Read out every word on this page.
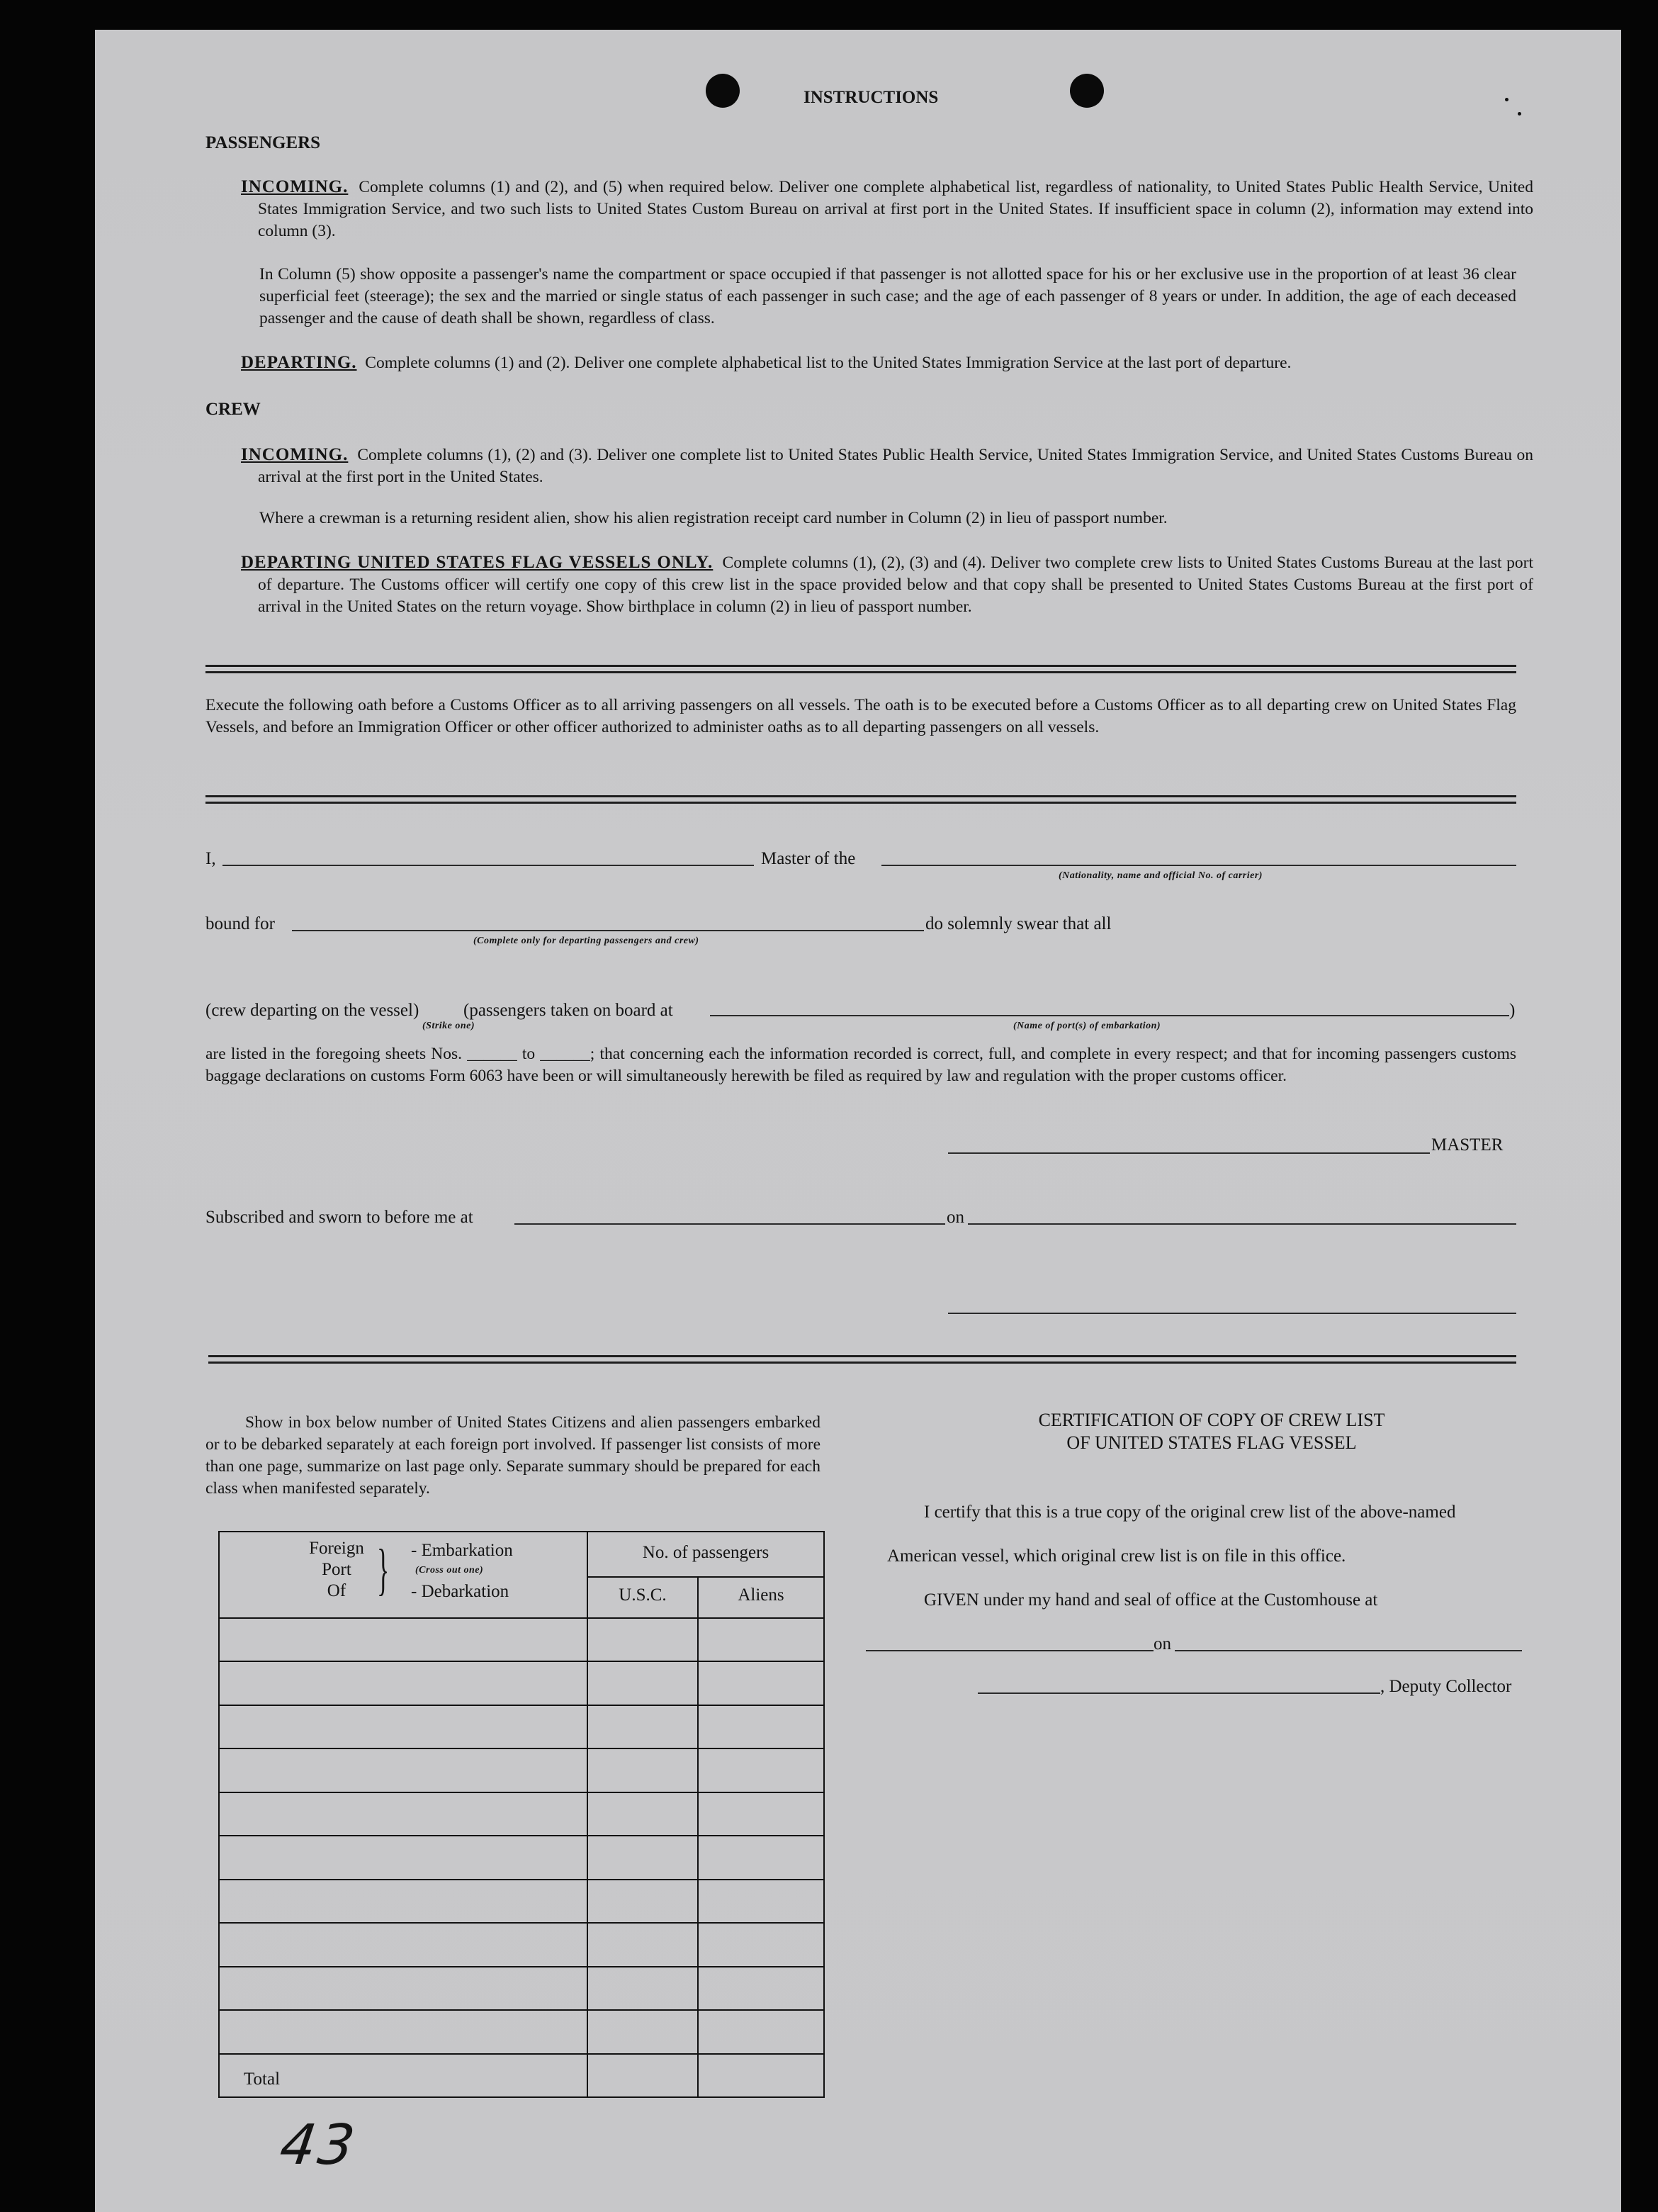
INSTRUCTIONS
PASSENGERS
INCOMING. Complete columns (1) and (2), and (5) when required below. Deliver one complete alphabetical list, regardless of nationality, to United States Public Health Service, United States Immigration Service, and two such lists to United States Custom Bureau on arrival at first port in the United States. If insufficient space in column (2), information may extend into column (3).
In Column (5) show opposite a passenger's name the compartment or space occupied if that passenger is not allotted space for his or her exclusive use in the proportion of at least 36 clear superficial feet (steerage); the sex and the married or single status of each passenger in such case; and the age of each passenger of 8 years or under. In addition, the age of each deceased passenger and the cause of death shall be shown, regardless of class.
DEPARTING. Complete columns (1) and (2). Deliver one complete alphabetical list to the United States Immigration Service at the last port of departure.
CREW
INCOMING. Complete columns (1), (2) and (3). Deliver one complete list to United States Public Health Service, United States Immigration Service, and United States Customs Bureau on arrival at the first port in the United States.
Where a crewman is a returning resident alien, show his alien registration receipt card number in Column (2) in lieu of passport number.
DEPARTING UNITED STATES FLAG VESSELS ONLY. Complete columns (1), (2), (3) and (4). Deliver two complete crew lists to United States Customs Bureau at the last port of departure. The Customs officer will certify one copy of this crew list in the space provided below and that copy shall be presented to United States Customs Bureau at the first port of arrival in the United States on the return voyage. Show birthplace in column (2) in lieu of passport number.
Execute the following oath before a Customs Officer as to all arriving passengers on all vessels. The oath is to be executed before a Customs Officer as to all departing crew on United States Flag Vessels, and before an Immigration Officer or other officer authorized to administer oaths as to all departing passengers on all vessels.
I,	Master of the
(Nationality, name and official No. of carrier)
bound for	do solemnly swear that all
(Complete only for departing passengers and crew)
(crew departing on the vessel)	(passengers taken on board at	)
(Strike one)	(Name of port(s) of embarkation)
are listed in the foregoing sheets Nos. ______ to ______; that concerning each the information recorded is correct, full, and complete in every respect; and that for incoming passengers customs baggage declarations on customs Form 6063 have been or will simultaneously herewith be filed as required by law and regulation with the proper customs officer.
MASTER
Subscribed and sworn to before me at	on
Show in box below number of United States Citizens and alien passengers embarked or to be debarked separately at each foreign port involved. If passenger list consists of more than one page, summarize on last page only. Separate summary should be prepared for each class when manifested separately.
Foreign
Port
Of } - Embarkation
(Cross out one)
- Debarkation
No. of passengers
U.S.C.	Aliens
Total
CERTIFICATION OF COPY OF CREW LIST
OF UNITED STATES FLAG VESSEL
I certify that this is a true copy of the original crew list of the above-named
American vessel, which original crew list is on file in this office.
GIVEN under my hand and seal of office at the Customhouse at
on
, Deputy Collector
43
